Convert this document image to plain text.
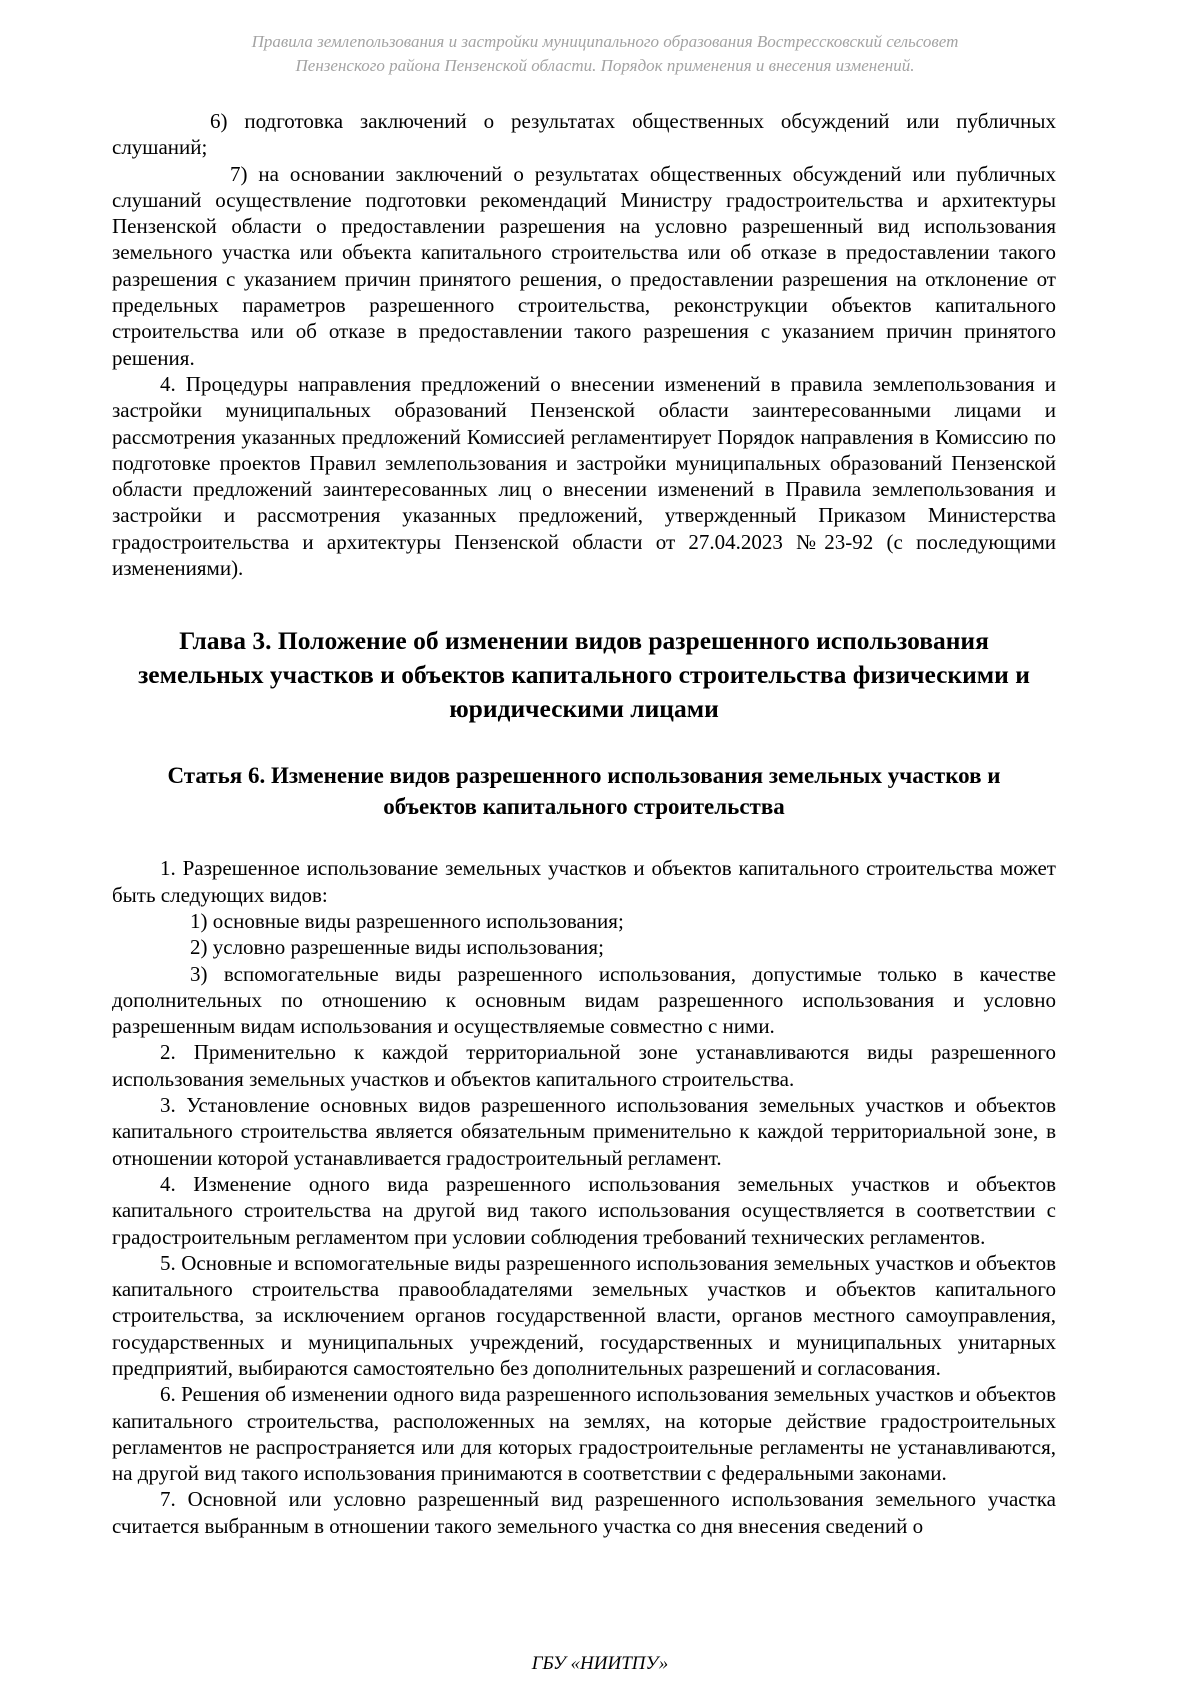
Правила землепользования и застройки муниципального образования Вострессковский сельсовет
Пензенского района Пензенской области. Порядок применения и внесения изменений.

6) подготовка заключений о результатах общественных обсуждений или публичных слушаний;

7) на основании заключений о результатах общественных обсуждений или публичных слушаний осуществление подготовки рекомендаций Министру градостроительства и архитектуры Пензенской области о предоставлении разрешения на условно разрешенный вид использования земельного участка или объекта капитального строительства или об отказе в предоставлении такого разрешения с указанием причин принятого решения, о предоставлении разрешения на отклонение от предельных параметров разрешенного строительства, реконструкции объектов капитального строительства или об отказе в предоставлении такого разрешения с указанием причин принятого решения.

4. Процедуры направления предложений о внесении изменений в правила землепользования и застройки муниципальных образований Пензенской области заинтересованными лицами и рассмотрения указанных предложений Комиссией регламентирует Порядок направления в Комиссию по подготовке проектов Правил землепользования и застройки муниципальных образований Пензенской области предложений заинтересованных лиц о внесении изменений в Правила землепользования и застройки и рассмотрения указанных предложений, утвержденный Приказом Министерства градостроительства и архитектуры Пензенской области от 27.04.2023 №23-92 (с последующими изменениями).

Глава 3. Положение об изменении видов разрешенного использования земельных участков и объектов капитального строительства физическими и юридическими лицами
Статья 6. Изменение видов разрешенного использования земельных участков и объектов капитального строительства

1. Разрешенное использование земельных участков и объектов капитального строительства может быть следующих видов:

1) основные виды разрешенного использования;

2) условно разрешенные виды использования;

3) вспомогательные виды разрешенного использования, допустимые только в качестве дополнительных по отношению к основным видам разрешенного использования и условно разрешенным видам использования и осуществляемые совместно с ними.

2. Применительно к каждой территориальной зоне устанавливаются виды разрешенного использования земельных участков и объектов капитального строительства.

3. Установление основных видов разрешенного использования земельных участков и объектов капитального строительства является обязательным применительно к каждой территориальной зоне, в отношении которой устанавливается градостроительный регламент.

4. Изменение одного вида разрешенного использования земельных участков и объектов капитального строительства на другой вид такого использования осуществляется в соответствии с градостроительным регламентом при условии соблюдения требований технических регламентов.

5. Основные и вспомогательные виды разрешенного использования земельных участков и объектов капитального строительства правообладателями земельных участков и объектов капитального строительства, за исключением органов государственной власти, органов местного самоуправления, государственных и муниципальных учреждений, государственных и муниципальных унитарных предприятий, выбираются самостоятельно без дополнительных разрешений и согласования.

6. Решения об изменении одного вида разрешенного использования земельных участков и объектов капитального строительства, расположенных на землях, на которые действие градостроительных регламентов не распространяется или для которых градостроительные регламенты не устанавливаются, на другой вид такого использования принимаются в соответствии с федеральными законами.

7. Основной или условно разрешенный вид разрешенного использования земельного участка считается выбранным в отношении такого земельного участка со дня внесения сведений о

ГБУ «НИИТПУ»
